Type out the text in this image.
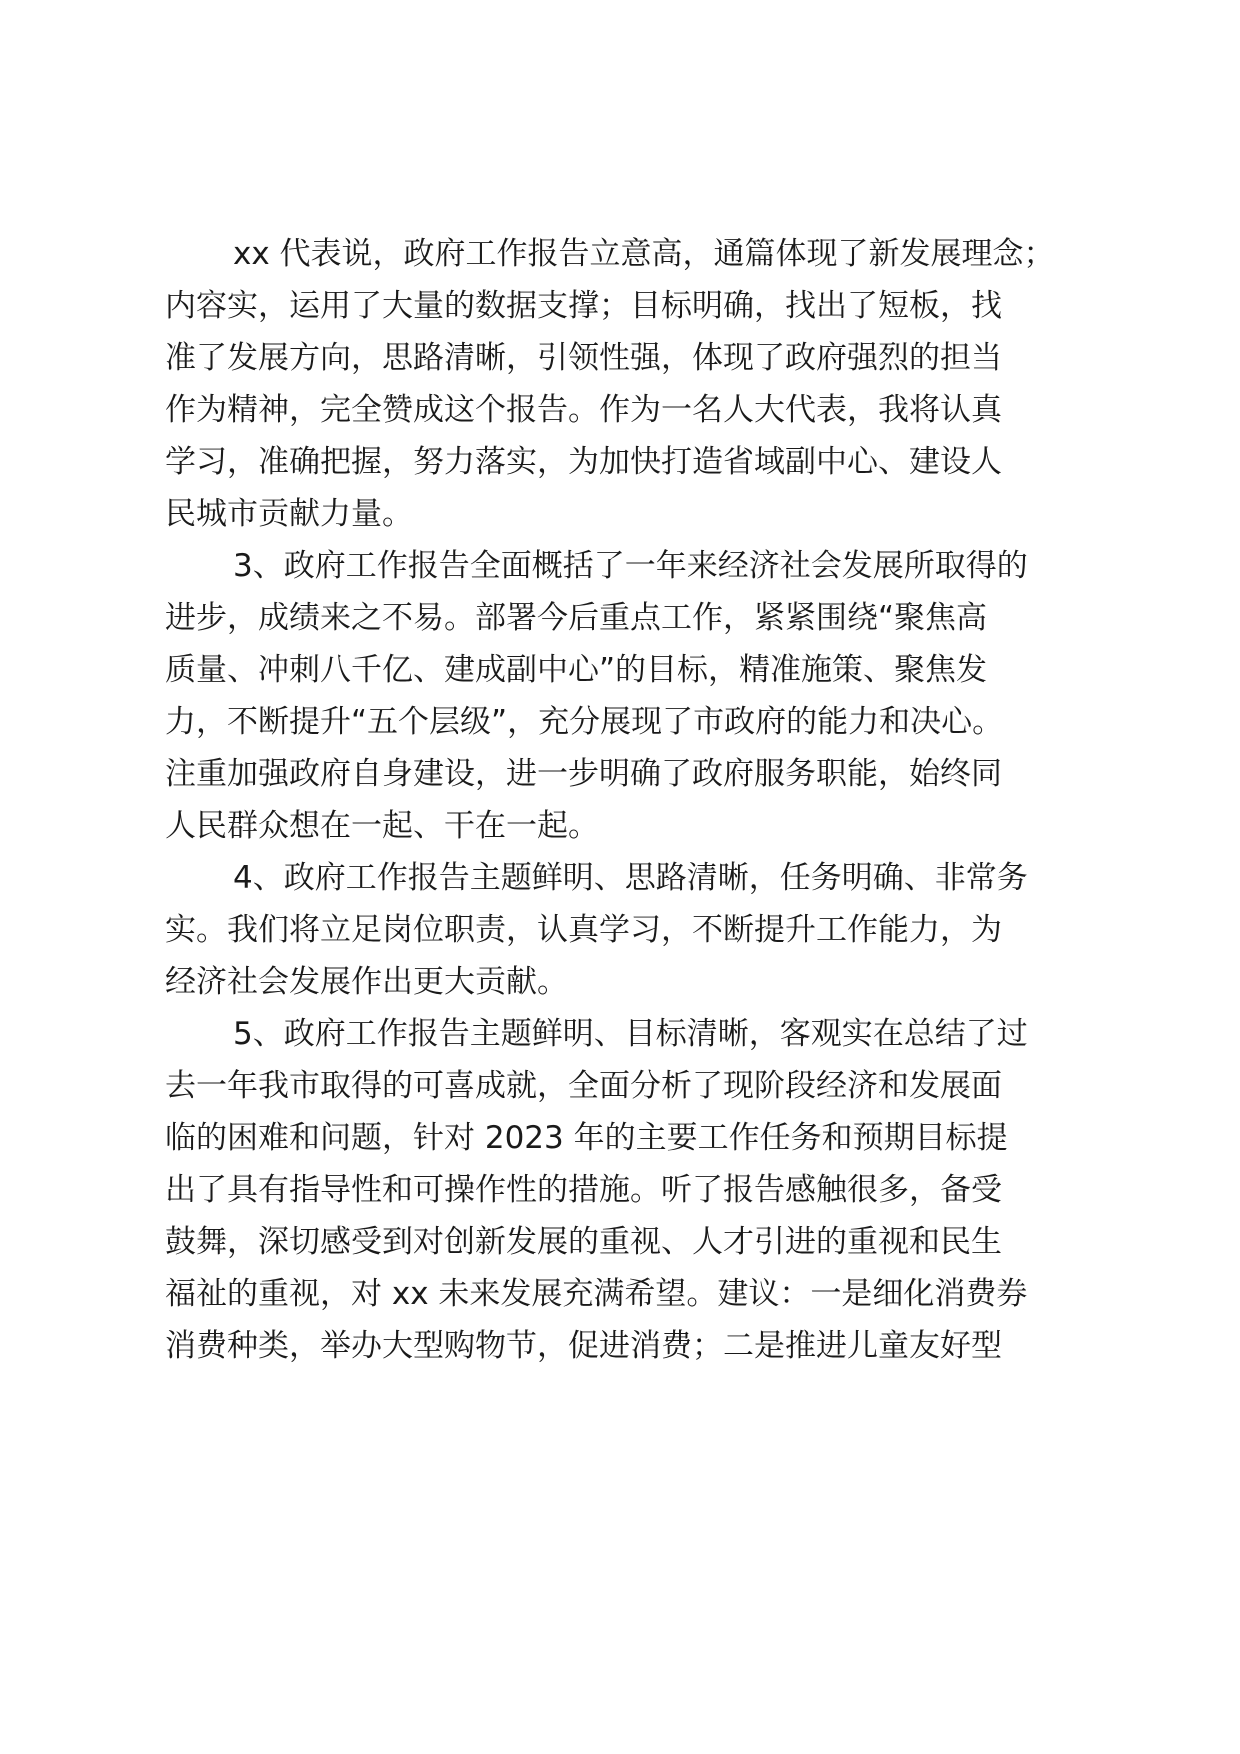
xx 代表说，政府工作报告立意高，通篇体现了新发展理念；
内容实，运用了大量的数据支撑；目标明确，找出了短板，找
准了发展方向，思路清晰，引领性强，体现了政府强烈的担当
作为精神，完全赞成这个报告。作为一名人大代表，我将认真
学习，准确把握，努力落实，为加快打造省域副中心、建设人
民城市贡献力量。
3、政府工作报告全面概括了一年来经济社会发展所取得的
进步，成绩来之不易。部署今后重点工作，紧紧围绕“聚焦高
质量、冲刺八千亿、建成副中心”的目标，精准施策、聚焦发
力，不断提升“五个层级”，充分展现了市政府的能力和决心。
注重加强政府自身建设，进一步明确了政府服务职能，始终同
人民群众想在一起、干在一起。
4、政府工作报告主题鲜明、思路清晰，任务明确、非常务
实。我们将立足岗位职责，认真学习，不断提升工作能力，为
经济社会发展作出更大贡献。
5、政府工作报告主题鲜明、目标清晰，客观实在总结了过
去一年我市取得的可喜成就，全面分析了现阶段经济和发展面
临的困难和问题，针对 2023 年的主要工作任务和预期目标提
出了具有指导性和可操作性的措施。听了报告感触很多，备受
鼓舞，深切感受到对创新发展的重视、人才引进的重视和民生
福祉的重视，对 xx 未来发展充满希望。建议：一是细化消费券
消费种类，举办大型购物节，促进消费；二是推进儿童友好型
